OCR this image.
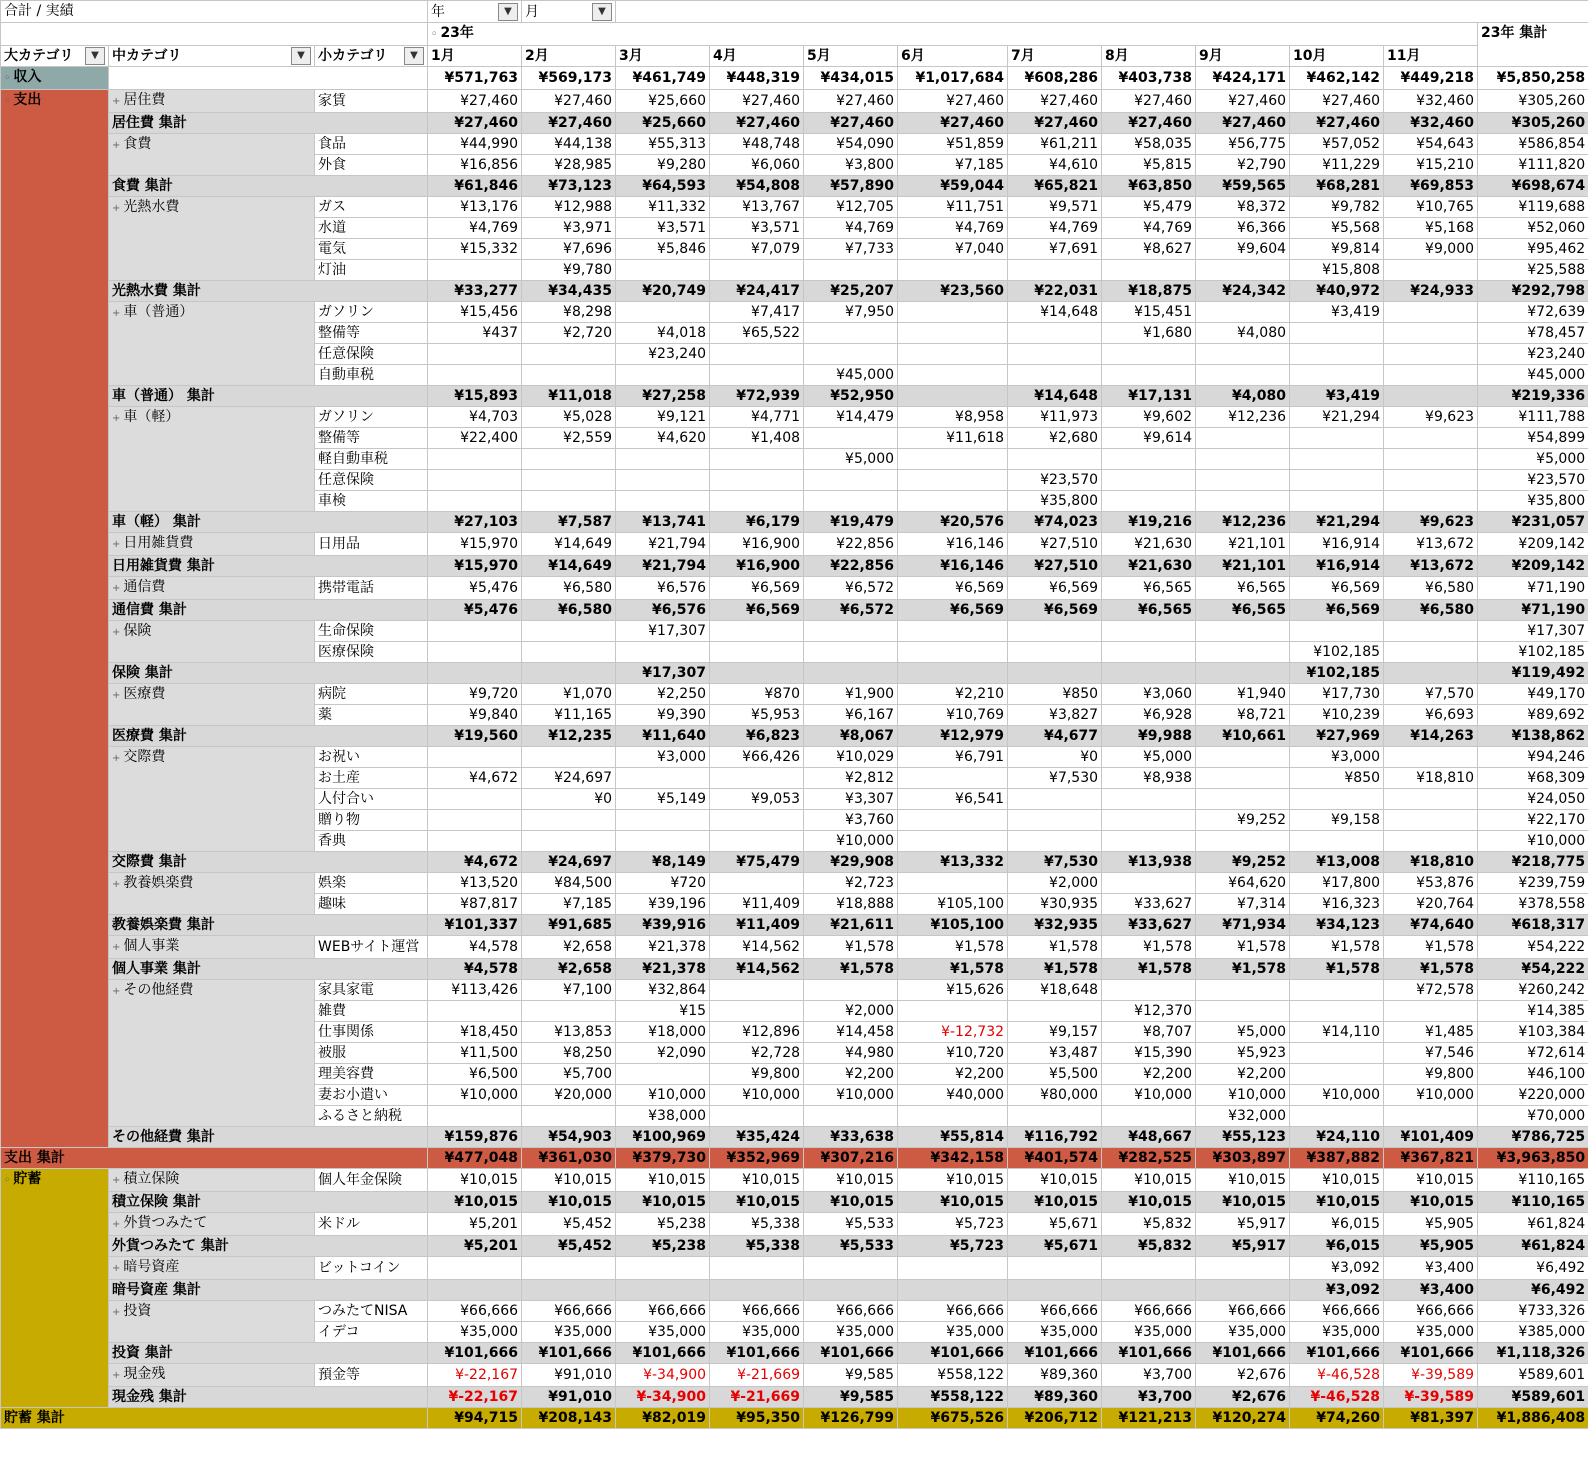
合計 / 実績			年 ▼	月 ▼										

			◦ 23年											23年 集計
大カテゴリ ▼	中カテゴリ ▼	小カテゴリ ▼	1月	2月	3月	4月	5月	6月	7月	8月	9月	10月	11月	
◦ 収入			¥571,763	¥569,173	¥461,749	¥448,319	¥434,015	¥1,017,684	¥608,286	¥403,738	¥424,171	¥462,142	¥449,218	¥5,850,258
◦ 支出	+ 居住費	家賃	¥27,460	¥27,460	¥25,660	¥27,460	¥27,460	¥27,460	¥27,460	¥27,460	¥27,460	¥27,460	¥32,460	¥305,260
	居住費 集計		¥27,460	¥27,460	¥25,660	¥27,460	¥27,460	¥27,460	¥27,460	¥27,460	¥27,460	¥27,460	¥32,460	¥305,260
	+ 食費	食品	¥44,990	¥44,138	¥55,313	¥48,748	¥54,090	¥51,859	¥61,211	¥58,035	¥56,775	¥57,052	¥54,643	¥586,854
		外食	¥16,856	¥28,985	¥9,280	¥6,060	¥3,800	¥7,185	¥4,610	¥5,815	¥2,790	¥11,229	¥15,210	¥111,820
	食費 集計		¥61,846	¥73,123	¥64,593	¥54,808	¥57,890	¥59,044	¥65,821	¥63,850	¥59,565	¥68,281	¥69,853	¥698,674
	+ 光熱水費	ガス	¥13,176	¥12,988	¥11,332	¥13,767	¥12,705	¥11,751	¥9,571	¥5,479	¥8,372	¥9,782	¥10,765	¥119,688
		水道	¥4,769	¥3,971	¥3,571	¥3,571	¥4,769	¥4,769	¥4,769	¥4,769	¥6,366	¥5,568	¥5,168	¥52,060
		電気	¥15,332	¥7,696	¥5,846	¥7,079	¥7,733	¥7,040	¥7,691	¥8,627	¥9,604	¥9,814	¥9,000	¥95,462
		灯油		¥9,780								¥15,808		¥25,588
	光熱水費 集計		¥33,277	¥34,435	¥20,749	¥24,417	¥25,207	¥23,560	¥22,031	¥18,875	¥24,342	¥40,972	¥24,933	¥292,798
	+ 車（普通）	ガソリン	¥15,456	¥8,298		¥7,417	¥7,950		¥14,648	¥15,451		¥3,419		¥72,639
		整備等	¥437	¥2,720	¥4,018	¥65,522				¥1,680	¥4,080			¥78,457
		任意保険			¥23,240									¥23,240
		自動車税					¥45,000							¥45,000
	車（普通） 集計		¥15,893	¥11,018	¥27,258	¥72,939	¥52,950		¥14,648	¥17,131	¥4,080	¥3,419		¥219,336
	+ 車（軽）	ガソリン	¥4,703	¥5,028	¥9,121	¥4,771	¥14,479	¥8,958	¥11,973	¥9,602	¥12,236	¥21,294	¥9,623	¥111,788
		整備等	¥22,400	¥2,559	¥4,620	¥1,408		¥11,618	¥2,680	¥9,614				¥54,899
		軽自動車税					¥5,000							¥5,000
		任意保険							¥23,570					¥23,570
		車検							¥35,800					¥35,800
	車（軽） 集計		¥27,103	¥7,587	¥13,741	¥6,179	¥19,479	¥20,576	¥74,023	¥19,216	¥12,236	¥21,294	¥9,623	¥231,057
	+ 日用雑貨費	日用品	¥15,970	¥14,649	¥21,794	¥16,900	¥22,856	¥16,146	¥27,510	¥21,630	¥21,101	¥16,914	¥13,672	¥209,142
	日用雑貨費 集計		¥15,970	¥14,649	¥21,794	¥16,900	¥22,856	¥16,146	¥27,510	¥21,630	¥21,101	¥16,914	¥13,672	¥209,142
	+ 通信費	携帯電話	¥5,476	¥6,580	¥6,576	¥6,569	¥6,572	¥6,569	¥6,569	¥6,565	¥6,565	¥6,569	¥6,580	¥71,190
	通信費 集計		¥5,476	¥6,580	¥6,576	¥6,569	¥6,572	¥6,569	¥6,569	¥6,565	¥6,565	¥6,569	¥6,580	¥71,190
	+ 保険	生命保険			¥17,307									¥17,307
		医療保険										¥102,185		¥102,185
	保険 集計				¥17,307							¥102,185		¥119,492
	+ 医療費	病院	¥9,720	¥1,070	¥2,250	¥870	¥1,900	¥2,210	¥850	¥3,060	¥1,940	¥17,730	¥7,570	¥49,170
		薬	¥9,840	¥11,165	¥9,390	¥5,953	¥6,167	¥10,769	¥3,827	¥6,928	¥8,721	¥10,239	¥6,693	¥89,692
	医療費 集計		¥19,560	¥12,235	¥11,640	¥6,823	¥8,067	¥12,979	¥4,677	¥9,988	¥10,661	¥27,969	¥14,263	¥138,862
	+ 交際費	お祝い			¥3,000	¥66,426	¥10,029	¥6,791	¥0	¥5,000		¥3,000		¥94,246
		お土産	¥4,672	¥24,697			¥2,812		¥7,530	¥8,938		¥850	¥18,810	¥68,309
		人付合い		¥0	¥5,149	¥9,053	¥3,307	¥6,541						¥24,050
		贈り物					¥3,760				¥9,252	¥9,158		¥22,170
		香典					¥10,000							¥10,000
	交際費 集計		¥4,672	¥24,697	¥8,149	¥75,479	¥29,908	¥13,332	¥7,530	¥13,938	¥9,252	¥13,008	¥18,810	¥218,775
	+ 教養娯楽費	娯楽	¥13,520	¥84,500	¥720		¥2,723		¥2,000		¥64,620	¥17,800	¥53,876	¥239,759
		趣味	¥87,817	¥7,185	¥39,196	¥11,409	¥18,888	¥105,100	¥30,935	¥33,627	¥7,314	¥16,323	¥20,764	¥378,558
	教養娯楽費 集計		¥101,337	¥91,685	¥39,916	¥11,409	¥21,611	¥105,100	¥32,935	¥33,627	¥71,934	¥34,123	¥74,640	¥618,317
	+ 個人事業	WEBサイト運営	¥4,578	¥2,658	¥21,378	¥14,562	¥1,578	¥1,578	¥1,578	¥1,578	¥1,578	¥1,578	¥1,578	¥54,222
	個人事業 集計		¥4,578	¥2,658	¥21,378	¥14,562	¥1,578	¥1,578	¥1,578	¥1,578	¥1,578	¥1,578	¥1,578	¥54,222
	+ その他経費	家具家電	¥113,426	¥7,100	¥32,864			¥15,626	¥18,648				¥72,578	¥260,242
		雑費			¥15		¥2,000			¥12,370				¥14,385
		仕事関係	¥18,450	¥13,853	¥18,000	¥12,896	¥14,458	¥-12,732	¥9,157	¥8,707	¥5,000	¥14,110	¥1,485	¥103,384
		被服	¥11,500	¥8,250	¥2,090	¥2,728	¥4,980	¥10,720	¥3,487	¥15,390	¥5,923		¥7,546	¥72,614
		理美容費	¥6,500	¥5,700		¥9,800	¥2,200	¥2,200	¥5,500	¥2,200	¥2,200		¥9,800	¥46,100
		妻お小遣い	¥10,000	¥20,000	¥10,000	¥10,000	¥10,000	¥40,000	¥80,000	¥10,000	¥10,000	¥10,000	¥10,000	¥220,000
		ふるさと納税			¥38,000						¥32,000			¥70,000
	その他経費 集計		¥159,876	¥54,903	¥100,969	¥35,424	¥33,638	¥55,814	¥116,792	¥48,667	¥55,123	¥24,110	¥101,409	¥786,725
支出 集計			¥477,048	¥361,030	¥379,730	¥352,969	¥307,216	¥342,158	¥401,574	¥282,525	¥303,897	¥387,882	¥367,821	¥3,963,850
◦ 貯蓄	+ 積立保険	個人年金保険	¥10,015	¥10,015	¥10,015	¥10,015	¥10,015	¥10,015	¥10,015	¥10,015	¥10,015	¥10,015	¥10,015	¥110,165
	積立保険 集計		¥10,015	¥10,015	¥10,015	¥10,015	¥10,015	¥10,015	¥10,015	¥10,015	¥10,015	¥10,015	¥10,015	¥110,165
	+ 外貨つみたて	米ドル	¥5,201	¥5,452	¥5,238	¥5,338	¥5,533	¥5,723	¥5,671	¥5,832	¥5,917	¥6,015	¥5,905	¥61,824
	外貨つみたて 集計		¥5,201	¥5,452	¥5,238	¥5,338	¥5,533	¥5,723	¥5,671	¥5,832	¥5,917	¥6,015	¥5,905	¥61,824
	+ 暗号資産	ビットコイン										¥3,092	¥3,400	¥6,492
	暗号資産 集計											¥3,092	¥3,400	¥6,492
	+ 投資	つみたてNISA	¥66,666	¥66,666	¥66,666	¥66,666	¥66,666	¥66,666	¥66,666	¥66,666	¥66,666	¥66,666	¥66,666	¥733,326
		イデコ	¥35,000	¥35,000	¥35,000	¥35,000	¥35,000	¥35,000	¥35,000	¥35,000	¥35,000	¥35,000	¥35,000	¥385,000
	投資 集計		¥101,666	¥101,666	¥101,666	¥101,666	¥101,666	¥101,666	¥101,666	¥101,666	¥101,666	¥101,666	¥101,666	¥1,118,326
	+ 現金残	預金等	¥-22,167	¥91,010	¥-34,900	¥-21,669	¥9,585	¥558,122	¥89,360	¥3,700	¥2,676	¥-46,528	¥-39,589	¥589,601
	現金残 集計		¥-22,167	¥91,010	¥-34,900	¥-21,669	¥9,585	¥558,122	¥89,360	¥3,700	¥2,676	¥-46,528	¥-39,589	¥589,601
貯蓄 集計			¥94,715	¥208,143	¥82,019	¥95,350	¥126,799	¥675,526	¥206,712	¥121,213	¥120,274	¥74,260	¥81,397	¥1,886,408
